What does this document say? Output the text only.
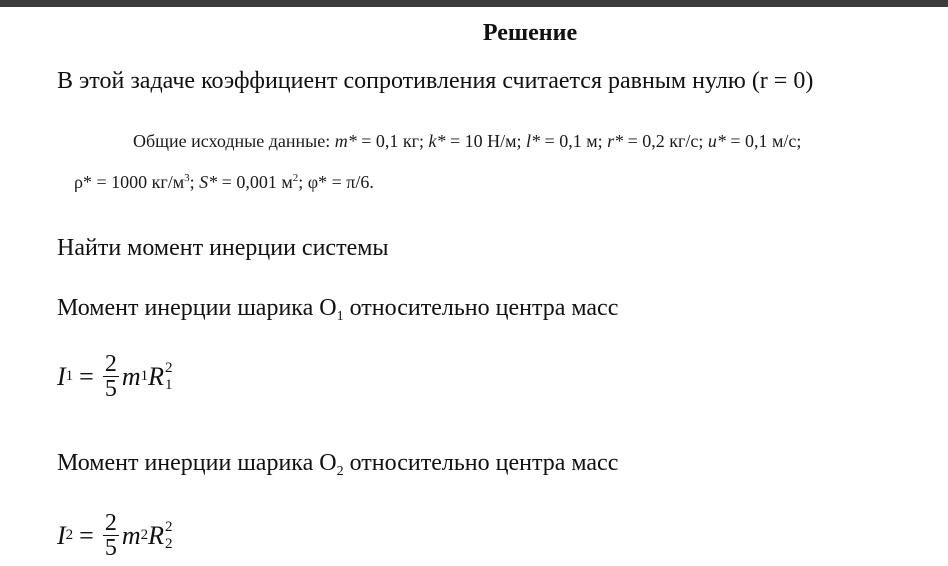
Решение
В этой задаче коэффициент сопротивления считается равным нулю (r = 0)
Общие исходные данные: m* = 0,1 кг; k* = 10 Н/м; l* = 0,1 м; r* = 0,2 кг/с; u* = 0,1 м/с;
ρ* = 1000 $кг/м^3$; S* = 0,001 $м^2$; φ* = π/6.
Найти момент инерции системы
Момент инерции шарика $O_1$ относительно центра масс
I $1 = \frac{2}{5}$ m 1 R 2
1
Момент инерции шарика $O_2$ относительно центра масс
I $2 = \frac{2}{5}$ m 2 R 2
2
